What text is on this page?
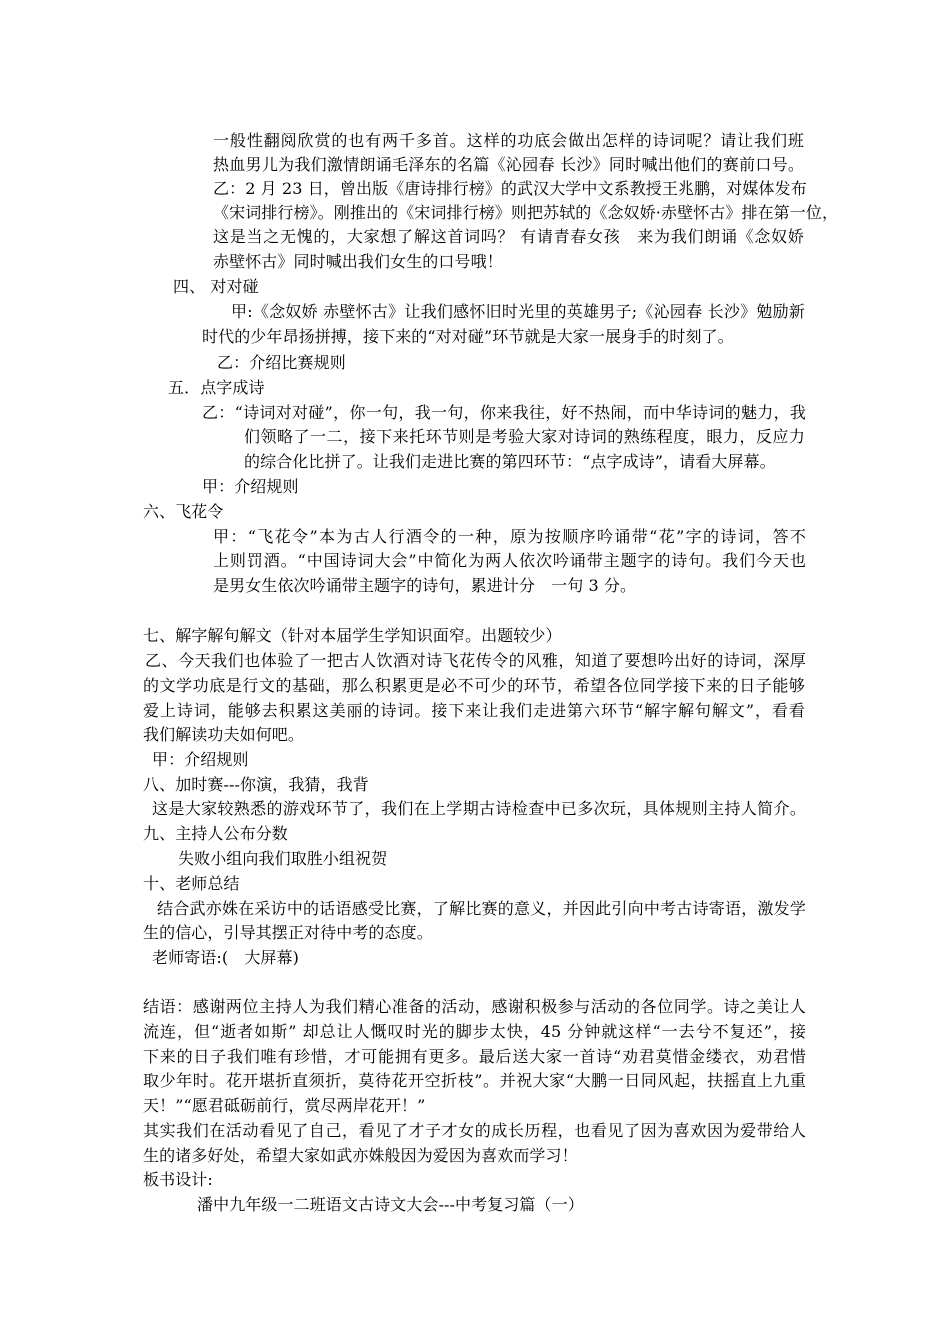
一般性翻阅欣赏的也有两千多首。这样的功底会做出怎样的诗词呢？请让我们班
热血男儿为我们激情朗诵毛泽东的名篇《沁园春 长沙》同时喊出他们的赛前口号。
乙：2 月 23 日，曾出版《唐诗排行榜》的武汉大学中文系教授王兆鹏，对媒体发布
《宋词排行榜》。刚推出的《宋词排行榜》则把苏轼的《念奴娇·赤壁怀古》排在第一位，
这是当之无愧的，大家想了解这首词吗？ 有请青春女孩　来为我们朗诵《念奴娇
赤壁怀古》同时喊出我们女生的口号哦！
四、 对对碰
甲:《念奴娇 赤壁怀古》让我们感怀旧时光里的英雄男子;《沁园春 长沙》勉励新
时代的少年昂扬拼搏，接下来的“对对碰”环节就是大家一展身手的时刻了。
乙：介绍比赛规则
五．点字成诗
乙：“诗词对对碰”，你一句，我一句，你来我往，好不热闹，而中华诗词的魅力，我
们领略了一二，接下来托环节则是考验大家对诗词的熟练程度，眼力，反应力
的综合化比拼了。让我们走进比赛的第四环节：“点字成诗”，请看大屏幕。
甲：介绍规则
六、飞花令
甲：“飞花令”本为古人行酒令的一种，原为按顺序吟诵带“花”字的诗词，答不
上则罚酒。“中国诗词大会”中简化为两人依次吟诵带主题字的诗句。我们今天也
是男女生依次吟诵带主题字的诗句，累进计分　一句 3 分。
七、解字解句解文（针对本届学生学知识面窄。出题较少）
乙、今天我们也体验了一把古人饮酒对诗飞花传令的风雅，知道了要想吟出好的诗词，深厚
的文学功底是行文的基础，那么积累更是必不可少的环节，希望各位同学接下来的日子能够
爱上诗词，能够去积累这美丽的诗词。接下来让我们走进第六环节“解字解句解文”，看看
我们解读功夫如何吧。
甲：介绍规则
八、加时赛---你演，我猜，我背
这是大家较熟悉的游戏环节了，我们在上学期古诗检查中已多次玩，具体规则主持人简介。
九、主持人公布分数
失败小组向我们取胜小组祝贺
十、老师总结
结合武亦姝在采访中的话语感受比赛，了解比赛的意义，并因此引向中考古诗寄语，激发学
生的信心，引导其摆正对待中考的态度。
老师寄语:(　大屏幕)
结语：感谢两位主持人为我们精心准备的活动，感谢积极参与活动的各位同学。诗之美让人
流连，但“逝者如斯” 却总让人慨叹时光的脚步太快，45 分钟就这样“一去兮不复还”，接
下来的日子我们唯有珍惜，才可能拥有更多。最后送大家一首诗“劝君莫惜金缕衣，劝君惜
取少年时。花开堪折直须折，莫待花开空折枝”。并祝大家“大鹏一日同风起，扶摇直上九重
天！”“愿君砥砺前行，赏尽两岸花开！”
其实我们在活动看见了自己，看见了才子才女的成长历程，也看见了因为喜欢因为爱带给人
生的诸多好处，希望大家如武亦姝般因为爱因为喜欢而学习！
板书设计:
潘中九年级一二班语文古诗文大会---中考复习篇（一）
